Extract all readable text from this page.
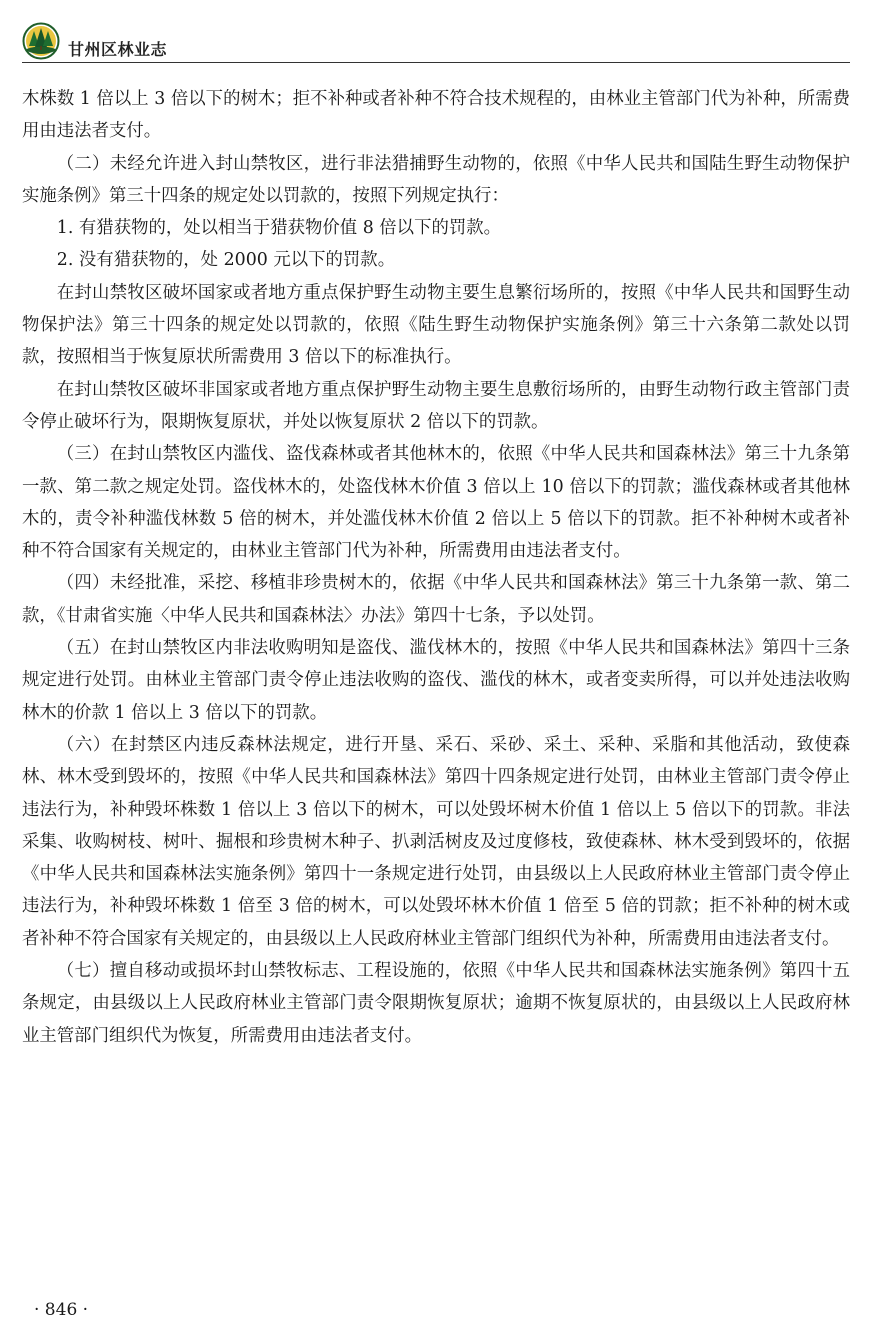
甘州区林业志

木株数 1 倍以上 3 倍以下的树木；拒不补种或者补种不符合技术规程的，由林业主管部门代为补种，所需费用由违法者支付。

（二）未经允许进入封山禁牧区，进行非法猎捕野生动物的，依照《中华人民共和国陆生野生动物保护实施条例》第三十四条的规定处以罚款的，按照下列规定执行：

1. 有猎获物的，处以相当于猎获物价值 8 倍以下的罚款。

2. 没有猎获物的，处 2000 元以下的罚款。

在封山禁牧区破坏国家或者地方重点保护野生动物主要生息繁衍场所的，按照《中华人民共和国野生动物保护法》第三十四条的规定处以罚款的，依照《陆生野生动物保护实施条例》第三十六条第二款处以罚款，按照相当于恢复原状所需费用 3 倍以下的标准执行。

在封山禁牧区破坏非国家或者地方重点保护野生动物主要生息敷衍场所的，由野生动物行政主管部门责令停止破坏行为，限期恢复原状，并处以恢复原状 2 倍以下的罚款。

（三）在封山禁牧区内滥伐、盗伐森林或者其他林木的，依照《中华人民共和国森林法》第三十九条第一款、第二款之规定处罚。盗伐林木的，处盗伐林木价值 3 倍以上 10 倍以下的罚款；滥伐森林或者其他林木的，责令补种滥伐林数 5 倍的树木，并处滥伐林木价值 2 倍以上 5 倍以下的罚款。拒不补种树木或者补种不符合国家有关规定的，由林业主管部门代为补种，所需费用由违法者支付。

（四）未经批准，采挖、移植非珍贵树木的，依据《中华人民共和国森林法》第三十九条第一款、第二款，《甘肃省实施〈中华人民共和国森林法〉办法》第四十七条，予以处罚。

（五）在封山禁牧区内非法收购明知是盗伐、滥伐林木的，按照《中华人民共和国森林法》第四十三条规定进行处罚。由林业主管部门责令停止违法收购的盗伐、滥伐的林木，或者变卖所得，可以并处违法收购林木的价款 1 倍以上 3 倍以下的罚款。

（六）在封禁区内违反森林法规定，进行开垦、采石、采砂、采土、采种、采脂和其他活动，致使森林、林木受到毁坏的，按照《中华人民共和国森林法》第四十四条规定进行处罚，由林业主管部门责令停止违法行为，补种毁坏株数 1 倍以上 3 倍以下的树木，可以处毁坏树木价值 1 倍以上 5 倍以下的罚款。非法采集、收购树枝、树叶、掘根和珍贵树木种子、扒剥活树皮及过度修枝，致使森林、林木受到毁坏的，依据《中华人民共和国森林法实施条例》第四十一条规定进行处罚，由县级以上人民政府林业主管部门责令停止违法行为，补种毁坏株数 1 倍至 3 倍的树木，可以处毁坏林木价值 1 倍至 5 倍的罚款；拒不补种的树木或者补种不符合国家有关规定的，由县级以上人民政府林业主管部门组织代为补种，所需费用由违法者支付。

（七）擅自移动或损坏封山禁牧标志、工程设施的，依照《中华人民共和国森林法实施条例》第四十五条规定，由县级以上人民政府林业主管部门责令限期恢复原状；逾期不恢复原状的，由县级以上人民政府林业主管部门组织代为恢复，所需费用由违法者支付。

· 846 ·
